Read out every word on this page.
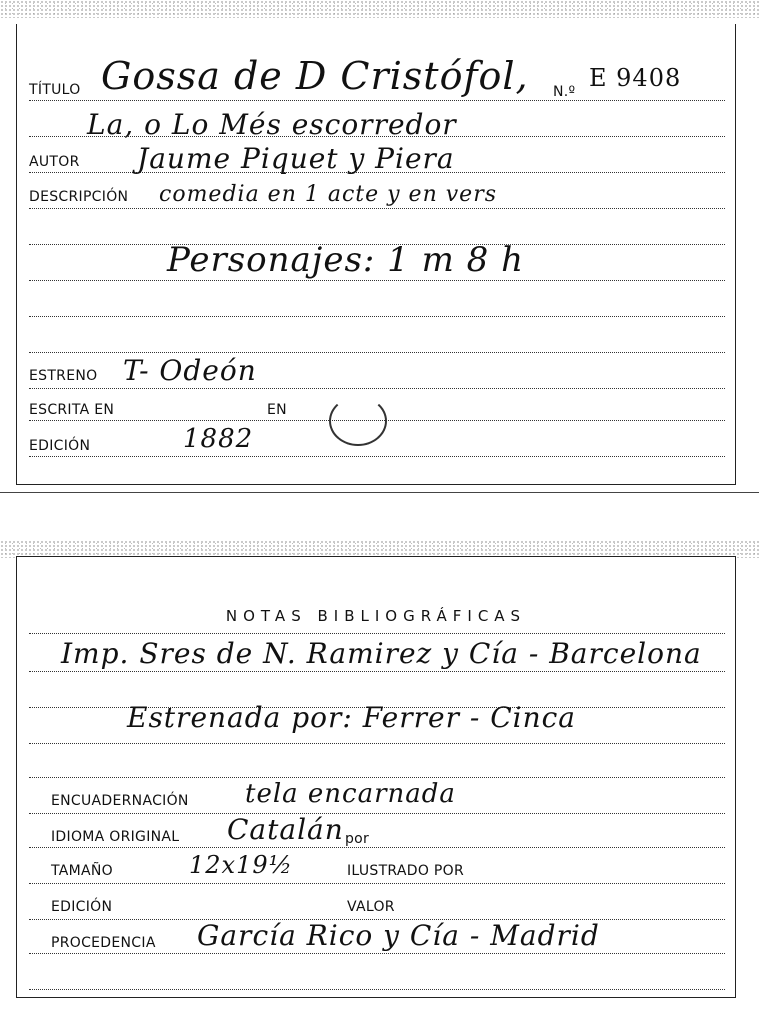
TÍTULO Gossa de D Cristófol, N.º E 9408
La, o Lo Més escorredor
AUTOR Jaume Piquet y Piera
DESCRIPCIÓN comedia en 1 acte y en vers
Personajes: 1 m 8 h
ESTRENO T- Odeón
ESCRITA EN	EN
EDICIÓN	1882
NOTAS BIBLIOGRÁFICAS
Imp. Sres de N. Ramirez y Cía - Barcelona
Estrenada por: Ferrer - Cinca
ENCUADERNACIÓN tela encarnada
IDIOMA ORIGINAL Catalán por
TAMAÑO	12x19½	ILUSTRADO POR
EDICIÓN	VALOR
PROCEDENCIA García Rico y Cía - Madrid
